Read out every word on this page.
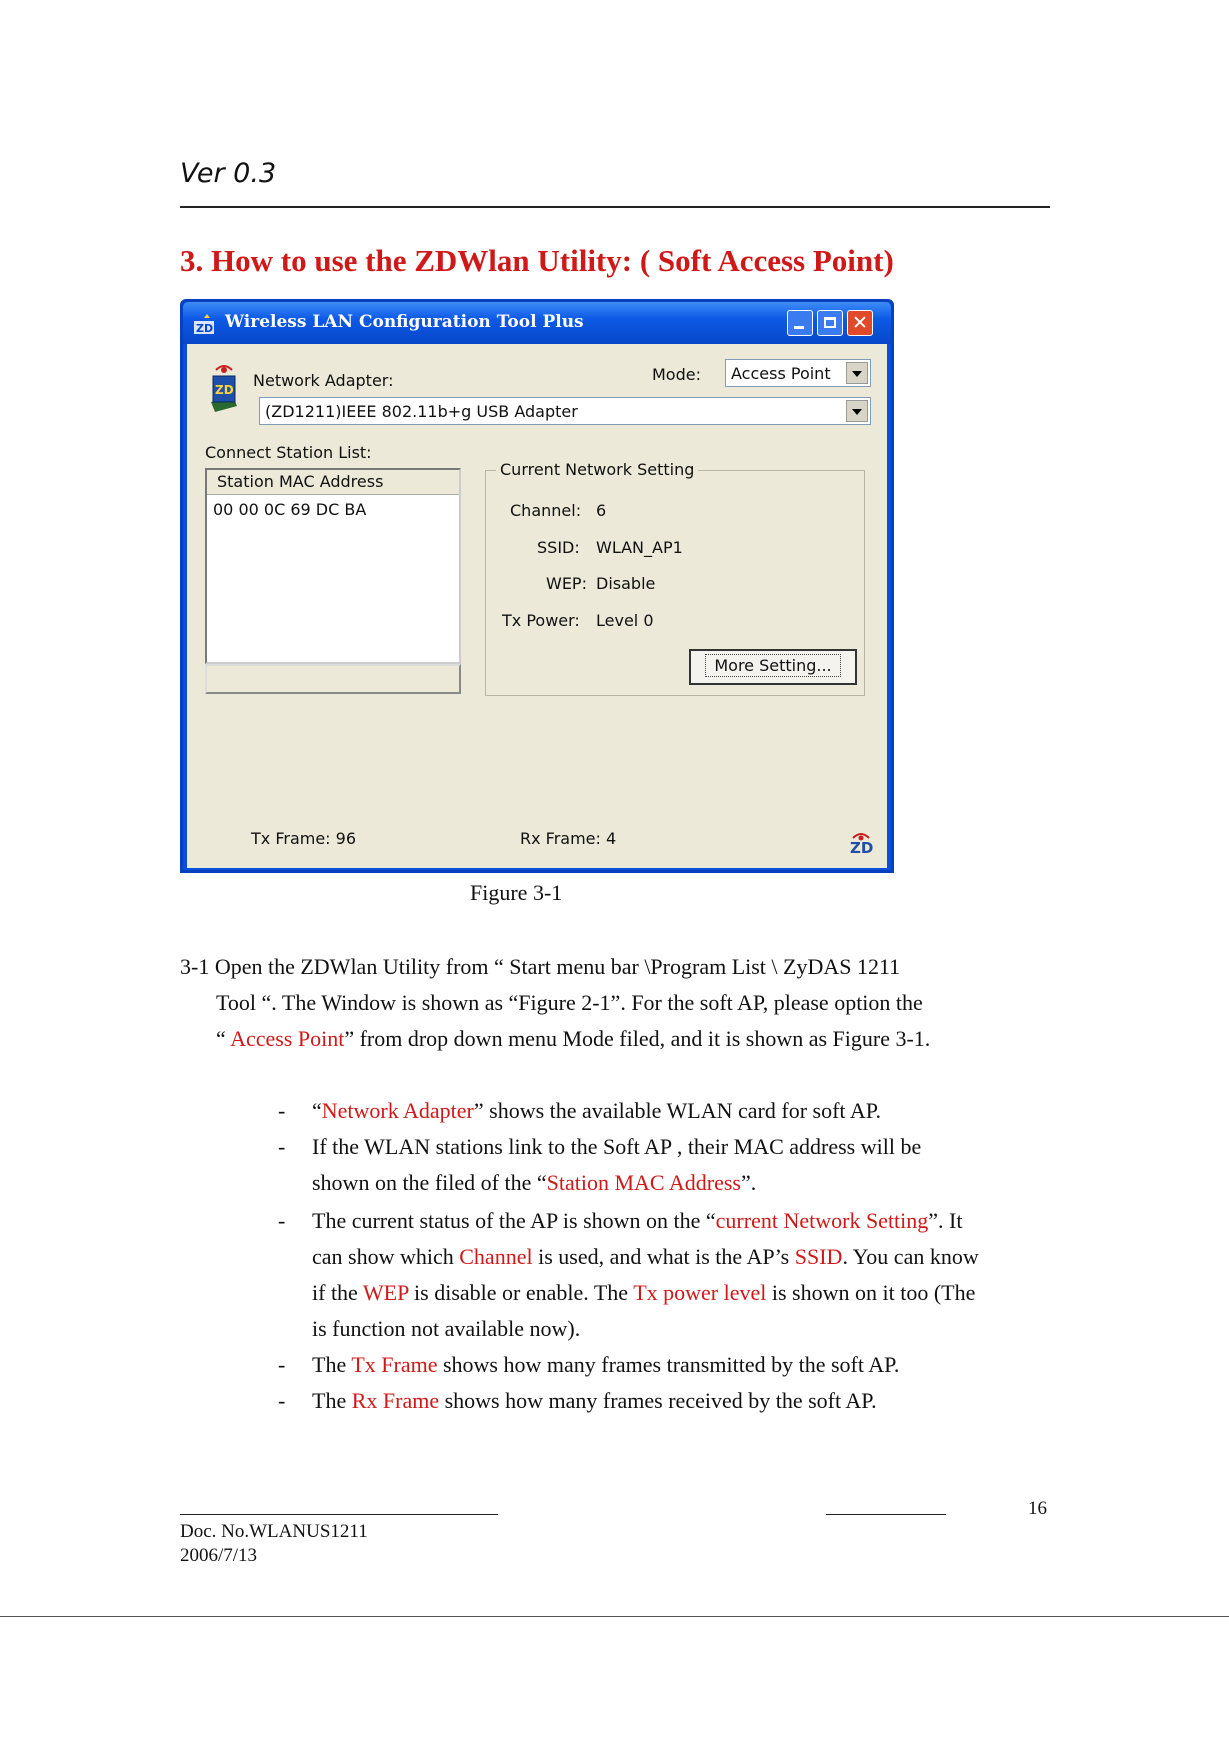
Ver 0.3
3. How to use the ZDWlan Utility: ( Soft Access Point)
ZD Wireless LAN Configuration Tool Plus	✕
ZD Network Adapter:	Mode: Access Point
(ZD1211)IEEE 802.11b+g USB Adapter
Connect Station List:
Station MAC Address
00 00 0C 69 DC BA
Current Network Setting
Channel: 6
SSID: WLAN_AP1
WEP: Disable
Tx Power: Level 0
More Setting...
Tx Frame: 96	Rx Frame: 4	ZD
Figure 3-1
3-1 Open the ZDWlan Utility from “ Start menu bar \Program List \ ZyDAS 1211
Tool “. The Window is shown as “Figure 2-1”. For the soft AP, please option the
“ Access Point” from drop down menu Mode filed, and it is shown as Figure 3-1.
- “Network Adapter” shows the available WLAN card for soft AP.
- If the WLAN stations link to the Soft AP , their MAC address will be
shown on the filed of the “Station MAC Address”.
- The current status of the AP is shown on the “current Network Setting”. It
can show which Channel is used, and what is the AP’s SSID. You can know
if the WEP is disable or enable. The Tx power level is shown on it too (The
is function not available now).
- The Tx Frame shows how many frames transmitted by the soft AP.
- The Rx Frame shows how many frames received by the soft AP.
16
Doc. No.WLANUS1211
2006/7/13
